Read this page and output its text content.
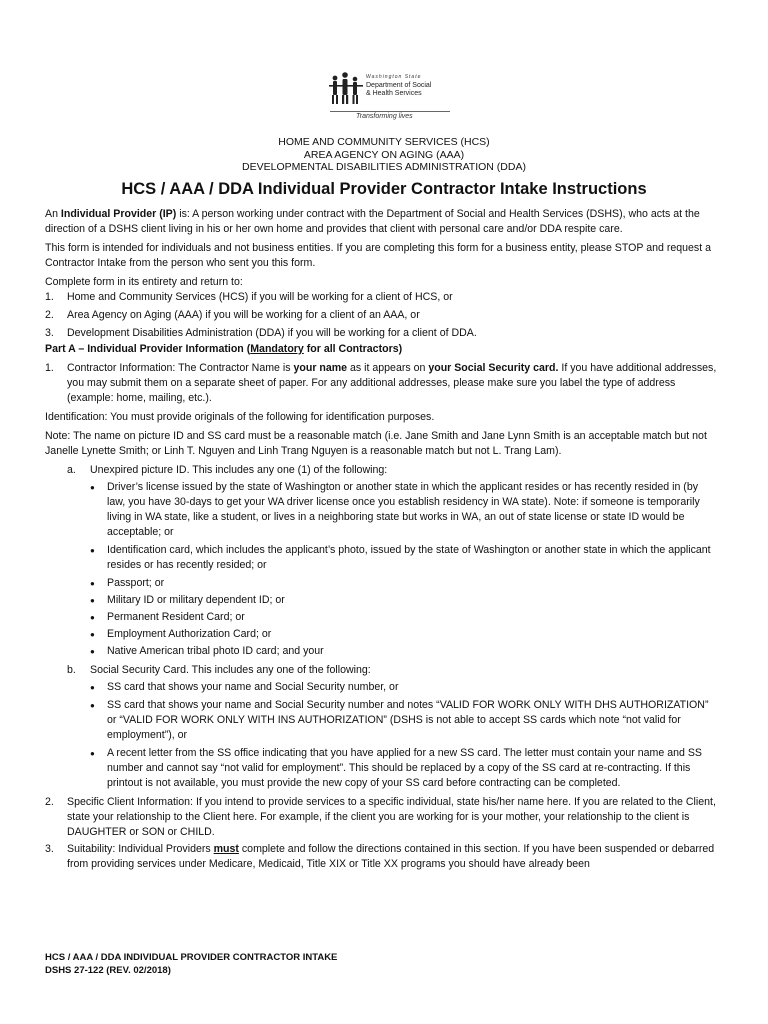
Washington State
Department of Social
& Health Services
Transforming lives
HOME AND COMMUNITY SERVICES (HCS)
AREA AGENCY ON AGING (AAA)
DEVELOPMENTAL DISABILITIES ADMINISTRATION (DDA)
HCS / AAA / DDA Individual Provider Contractor Intake Instructions

An Individual Provider (IP) is: A person working under contract with the Department of Social and Health Services (DSHS), who acts at the direction of a DSHS client living in his or her own home and provides that client with personal care and/or DDA respite care.

This form is intended for individuals and not business entities. If you are completing this form for a business entity, please STOP and request a Contractor Intake from the person who sent you this form.

Complete form in its entirety and return to:

1.	Home and Community Services (HCS) if you will be working for a client of HCS, or
2.	Area Agency on Aging (AAA) if you will be working for a client of an AAA, or
3.	Development Disabilities Administration (DDA) if you will be working for a client of DDA.

Part A – Individual Provider Information (Mandatory for all Contractors)

1.	Contractor Information: The Contractor Name is your name as it appears on your Social Security card. If you have additional addresses, you may submit them on a separate sheet of paper. For any additional addresses, please make sure you label the type of address (example: home, mailing, etc.).

Identification: You must provide originals of the following for identification purposes.

Note: The name on picture ID and SS card must be a reasonable match (i.e. Jane Smith and Jane Lynn Smith is an acceptable match but not Janelle Lynette Smith; or Linh T. Nguyen and Linh Trang Nguyen is a reasonable match but not L. Trang Lam).

a.	Unexpired picture ID. This includes any one (1) of the following:
● Driver’s license issued by the state of Washington or another state in which the applicant resides or has recently resided in (by law, you have 30-days to get your WA driver license once you establish residency in WA state). Note: if someone is temporarily living in WA state, like a student, or lives in a neighboring state but works in WA, an out of state license or state ID would be acceptable; or
● Identification card, which includes the applicant’s photo, issued by the state of Washington or another state in which the applicant resides or has recently resided; or
● Passport; or
● Military ID or military dependent ID; or
● Permanent Resident Card; or
● Employment Authorization Card; or
● Native American tribal photo ID card; and your
b.	Social Security Card. This includes any one of the following:
● SS card that shows your name and Social Security number, or
● SS card that shows your name and Social Security number and notes “VALID FOR WORK ONLY WITH DHS AUTHORIZATION” or “VALID FOR WORK ONLY WITH INS AUTHORIZATION” (DSHS is not able to accept SS cards which note “not valid for employment”), or
● A recent letter from the SS office indicating that you have applied for a new SS card. The letter must contain your name and SS number and cannot say “not valid for employment”. This should be replaced by a copy of the SS card at re-contracting. If this printout is not available, you must provide the new copy of your SS card before contracting can be completed.
2.	Specific Client Information: If you intend to provide services to a specific individual, state his/her name here. If you are related to the Client, state your relationship to the Client here. For example, if the client you are working for is your mother, your relationship to the client is DAUGHTER or SON or CHILD.
3.	Suitability: Individual Providers must complete and follow the directions contained in this section. If you have been suspended or debarred from providing services under Medicare, Medicaid, Title XIX or Title XX programs you should have already been
HCS / AAA / DDA INDIVIDUAL PROVIDER CONTRACTOR INTAKE
DSHS 27-122 (REV. 02/2018)
